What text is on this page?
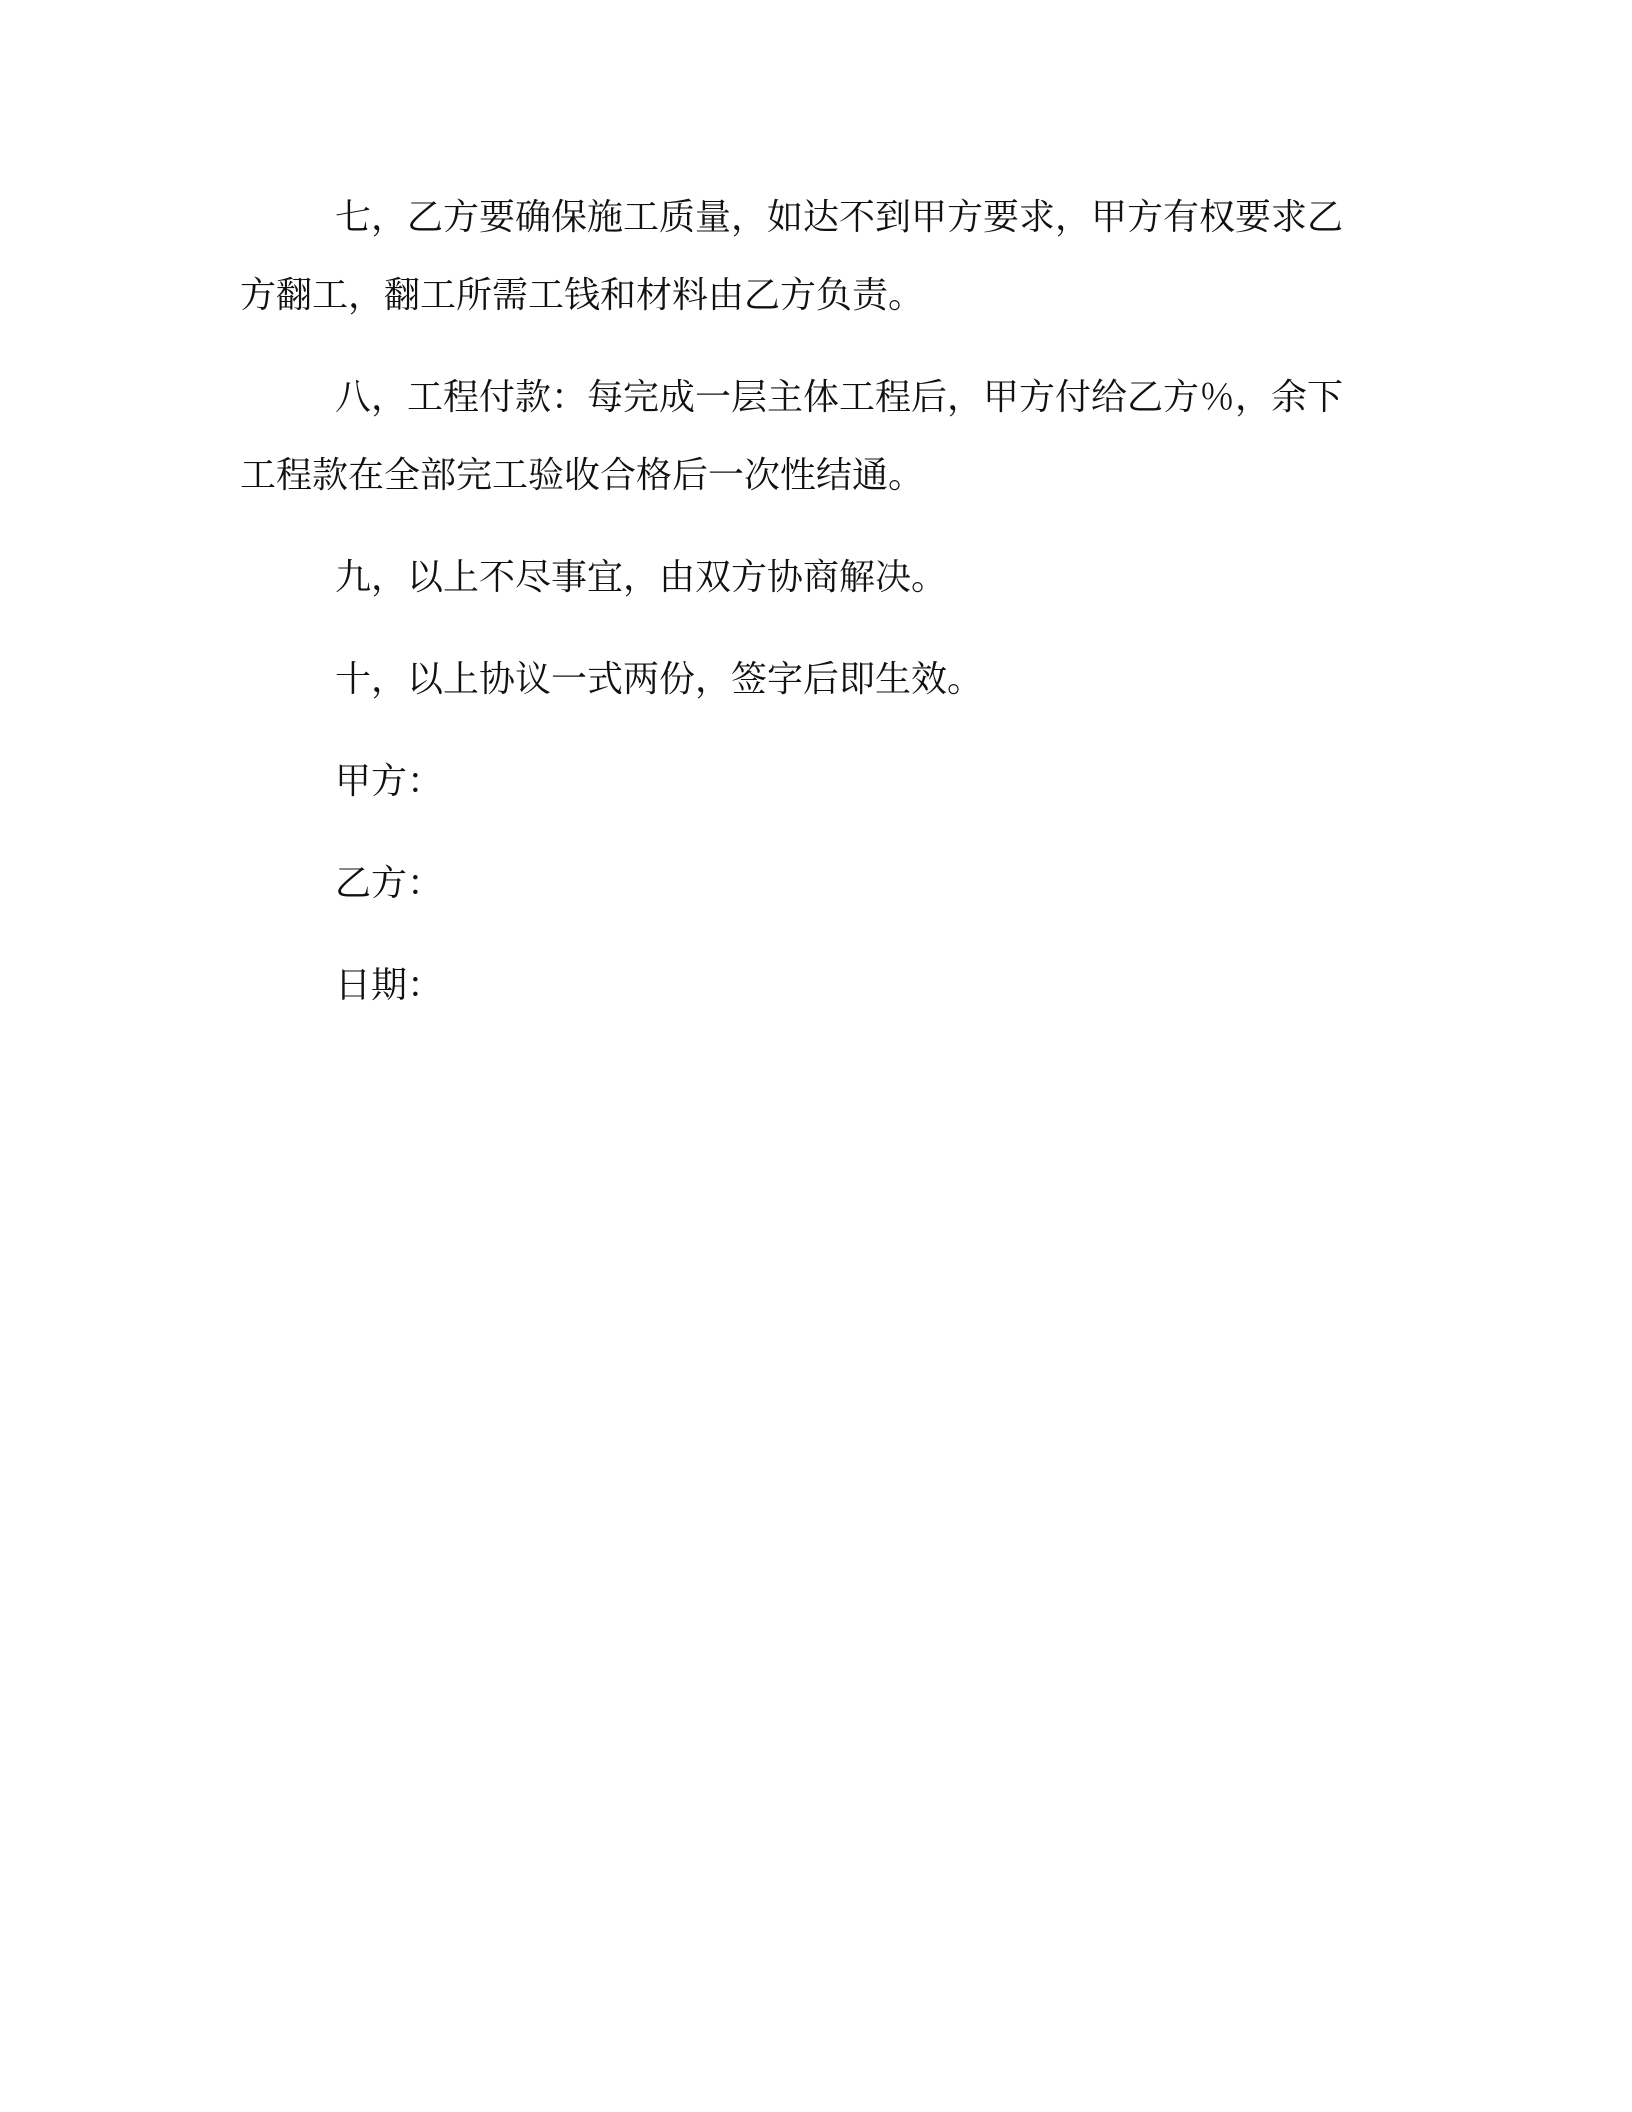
七，乙方要确保施工质量，如达不到甲方要求，甲方有权要求乙
方翻工，翻工所需工钱和材料由乙方负责。
八，工程付款：每完成一层主体工程后，甲方付给乙方％，余下
工程款在全部完工验收合格后一次性结通。
九，以上不尽事宜，由双方协商解决。
十，以上协议一式两份，签字后即生效。
甲方：
乙方：
日期：
